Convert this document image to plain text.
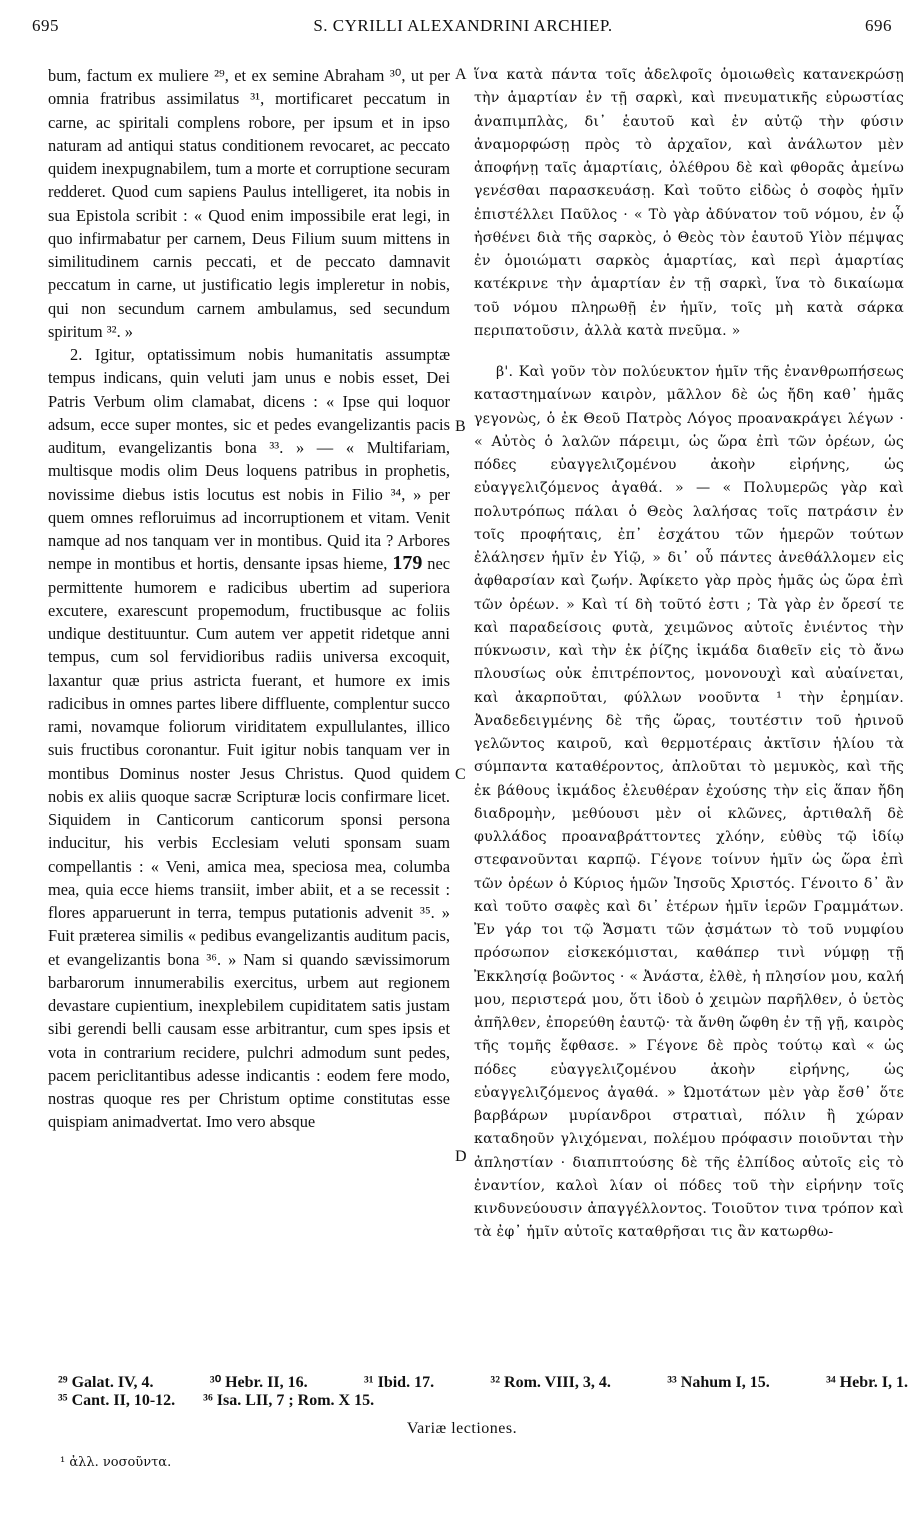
695	S. CYRILLI ALEXANDRINI ARCHIEP.	696

bum, factum ex muliere ²⁹, et ex semine Abraham ³⁰, ut per omnia fratribus assimilatus ³¹, mortificaret peccatum in carne, ac spiritali complens robore, per ipsum et in ipso naturam ad antiqui status conditionem revocaret, ac peccato quidem inexpugnabilem, tum a morte et corruptione securam redderet. Quod cum sapiens Paulus intelligeret, ita nobis in sua Epistola scribit : « Quod enim impossibile erat legi, in quo infirmabatur per carnem, Deus Filium suum mittens in similitudinem carnis peccati, et de peccato damnavit peccatum in carne, ut justificatio legis impleretur in nobis, qui non secundum carnem ambulamus, sed secundum spiritum ³². »

2. Igitur, optatissimum nobis humanitatis assumptæ tempus indicans, quin veluti jam unus e nobis esset, Dei Patris Verbum olim clamabat, dicens : « Ipse qui loquor adsum, ecce super montes, sic et pedes evangelizantis pacis auditum, evangelizantis bona ³³. » — « Multifariam, multisque modis olim Deus loquens patribus in prophetis, novissime diebus istis locutus est nobis in Filio ³⁴, » per quem omnes refloruimus ad incorruptionem et vitam. Venit namque ad nos tanquam ver in montibus. Quid ita ? Arbores nempe in montibus et hortis, densante ipsas hieme, 179 nec permittente humorem e radicibus ubertim ad superiora excutere, exarescunt propemodum, fructibusque ac foliis undique destituuntur. Cum autem ver appetit ridetque anni tempus, cum sol fervidioribus radiis universa excoquit, laxantur quæ prius astricta fuerant, et humore ex imis radicibus in omnes partes libere diffluente, complentur succo rami, novamque foliorum viriditatem expullulantes, illico suis fructibus coronantur. Fuit igitur nobis tanquam ver in montibus Dominus noster Jesus Christus. Quod quidem nobis ex aliis quoque sacræ Scripturæ locis confirmare licet. Siquidem in Canticorum canticorum sponsi persona inducitur, his verbis Ecclesiam veluti sponsam suam compellantis : « Veni, amica mea, speciosa mea, columba mea, quia ecce hiems transiit, imber abiit, et a se recessit : flores apparuerunt in terra, tempus putationis advenit ³⁵. » Fuit præterea similis « pedibus evangelizantis auditum pacis, et evangelizantis bona ³⁶. » Nam si quando sævissimorum barbarorum innumerabilis exercitus, urbem aut regionem devastare cupientium, inexplebilem cupiditatem satis justam sibi gerendi belli causam esse arbitrantur, cum spes ipsis et vota in contrarium recidere, pulchri admodum sunt pedes, pacem periclitantibus adesse indicantis : eodem fere modo, nostras quoque res per Christum optime constitutas esse quispiam animadvertat. Imo vero absque

A
B
C
D

ἵνα κατὰ πάντα τοῖς ἀδελφοῖς ὁμοιωθεὶς κατανεκρώσῃ τὴν ἁμαρτίαν ἐν τῇ σαρκὶ, καὶ πνευματικῆς εὐρωστίας ἀναπιμπλὰς, δι᾿ ἑαυτοῦ καὶ ἐν αὐτῷ τὴν φύσιν ἀναμορφώσῃ πρὸς τὸ ἀρχαῖον, καὶ ἀνάλωτον μὲν ἀποφήνῃ ταῖς ἁμαρτίαις, ὀλέθρου δὲ καὶ φθορᾶς ἀμείνω γενέσθαι παρασκευάσῃ. Καὶ τοῦτο εἰδὼς ὁ σοφὸς ἡμῖν ἐπιστέλλει Παῦλος · « Τὸ γὰρ ἀδύνατον τοῦ νόμου, ἐν ᾧ ἠσθένει διὰ τῆς σαρκὸς, ὁ Θεὸς τὸν ἑαυτοῦ Υἱὸν πέμψας ἐν ὁμοιώματι σαρκὸς ἁμαρτίας, καὶ περὶ ἁμαρτίας κατέκρινε τὴν ἁμαρτίαν ἐν τῇ σαρκὶ, ἵνα τὸ δικαίωμα τοῦ νόμου πληρωθῇ ἐν ἡμῖν, τοῖς μὴ κατὰ σάρκα περιπατοῦσιν, ἀλλὰ κατὰ πνεῦμα. »

β'. Καὶ γοῦν τὸν πολύευκτον ἡμῖν τῆς ἐνανθρωπήσεως καταστημαίνων καιρὸν, μᾶλλον δὲ ὡς ἤδη καθ᾿ ἡμᾶς γεγονὼς, ὁ ἐκ Θεοῦ Πατρὸς Λόγος προανακράγει λέγων · « Αὐτὸς ὁ λαλῶν πάρειμι, ὡς ὥρα ἐπὶ τῶν ὀρέων, ὡς πόδες εὐαγγελιζομένου ἀκοὴν εἰρήνης, ὡς εὐαγγελιζόμενος ἀγαθά. » — « Πολυμερῶς γὰρ καὶ πολυτρόπως πάλαι ὁ Θεὸς λαλήσας τοῖς πατράσιν ἐν τοῖς προφήταις, ἐπ᾿ ἐσχάτου τῶν ἡμερῶν τούτων ἐλάλησεν ἡμῖν ἐν Υἱῷ, » δι᾿ οὗ πάντες ἀνεθάλλομεν εἰς ἀφθαρσίαν καὶ ζωήν. Ἀφίκετο γὰρ πρὸς ἡμᾶς ὡς ὥρα ἐπὶ τῶν ὀρέων. » Καὶ τί δὴ τοῦτό ἐστι ; Τὰ γὰρ ἐν ὄρεσί τε καὶ παραδείσοις φυτὰ, χειμῶνος αὐτοῖς ἐνιέντος τὴν πύκνωσιν, καὶ τὴν ἐκ ῥίζης ἰκμάδα διαθεῖν εἰς τὸ ἄνω πλουσίως οὐκ ἐπιτρέποντος, μονονουχὶ καὶ αὐαίνεται, καὶ ἀκαρποῦται, φύλλων νοοῦντα ¹ τὴν ἐρημίαν. Ἀναδεδειγμένης δὲ τῆς ὥρας, τουτέστιν τοῦ ἠρινοῦ γελῶντος καιροῦ, καὶ θερμοτέραις ἀκτῖσιν ἡλίου τὰ σύμπαντα καταθέροντος, ἀπλοῦται τὸ μεμυκὸς, καὶ τῆς ἐκ βάθους ἰκμάδος ἐλευθέραν ἐχούσης τὴν εἰς ἅπαν ἤδη διαδρομὴν, μεθύουσι μὲν οἱ κλῶνες, ἀρτιθαλῆ δὲ φυλλάδος προαναβράττοντες χλόην, εὐθὺς τῷ ἰδίῳ στεφανοῦνται καρπῷ. Γέγονε τοίνυν ἡμῖν ὡς ὥρα ἐπὶ τῶν ὀρέων ὁ Κύριος ἡμῶν Ἰησοῦς Χριστός. Γένοιτο δ᾿ ἂν καὶ τοῦτο σαφὲς καὶ δι᾿ ἑτέρων ἡμῖν ἱερῶν Γραμμάτων. Ἐν γάρ τοι τῷ Ἄσματι τῶν ᾀσμάτων τὸ τοῦ νυμφίου πρόσωπον εἰσκεκόμισται, καθάπερ τινὶ νύμφῃ τῇ Ἐκκλησίᾳ βοῶντος · « Ἀνάστα, ἐλθὲ, ἡ πλησίον μου, καλή μου, περιστερά μου, ὅτι ἰδοὺ ὁ χειμὼν παρῆλθεν, ὁ ὑετὸς ἀπῆλθεν, ἐπορεύθη ἑαυτῷ· τὰ ἄνθη ὤφθη ἐν τῇ γῇ, καιρὸς τῆς τομῆς ἔφθασε. » Γέγονε δὲ πρὸς τούτῳ καὶ « ὡς πόδες εὐαγγελιζομένου ἀκοὴν εἰρήνης, ὡς εὐαγγελιζόμενος ἀγαθά. » Ὠμοτάτων μὲν γὰρ ἔσθ᾿ ὅτε βαρβάρων μυρίανδροι στρατιαὶ, πόλιν ἢ χώραν καταδηοῦν γλιχόμεναι, πολέμου πρόφασιν ποιοῦνται τὴν ἀπληστίαν · διαπιπτούσης δὲ τῆς ἐλπίδος αὐτοῖς εἰς τὸ ἐναντίον, καλοὶ λίαν οἱ πόδες τοῦ τὴν εἰρήνην τοῖς κινδυνεύουσιν ἀπαγγέλλοντος. Τοιοῦτον τινα τρόπον καὶ τὰ ἐφ᾿ ἡμῖν αὐτοῖς καταθρῆσαι τις ἂν κατωρθω-

²⁹ Galat. IV, 4.	³⁰ Hebr. II, 16.	³¹ Ibid. 17.	³² Rom. VIII, 3, 4.	³³ Nahum I, 15.	³⁴ Hebr. I, 1.
³⁵ Cant. II, 10-12. ³⁶ Isa. LII, 7 ; Rom. X 15.
Variæ lectiones.
¹ ἀλλ. νοσοῦντα.
